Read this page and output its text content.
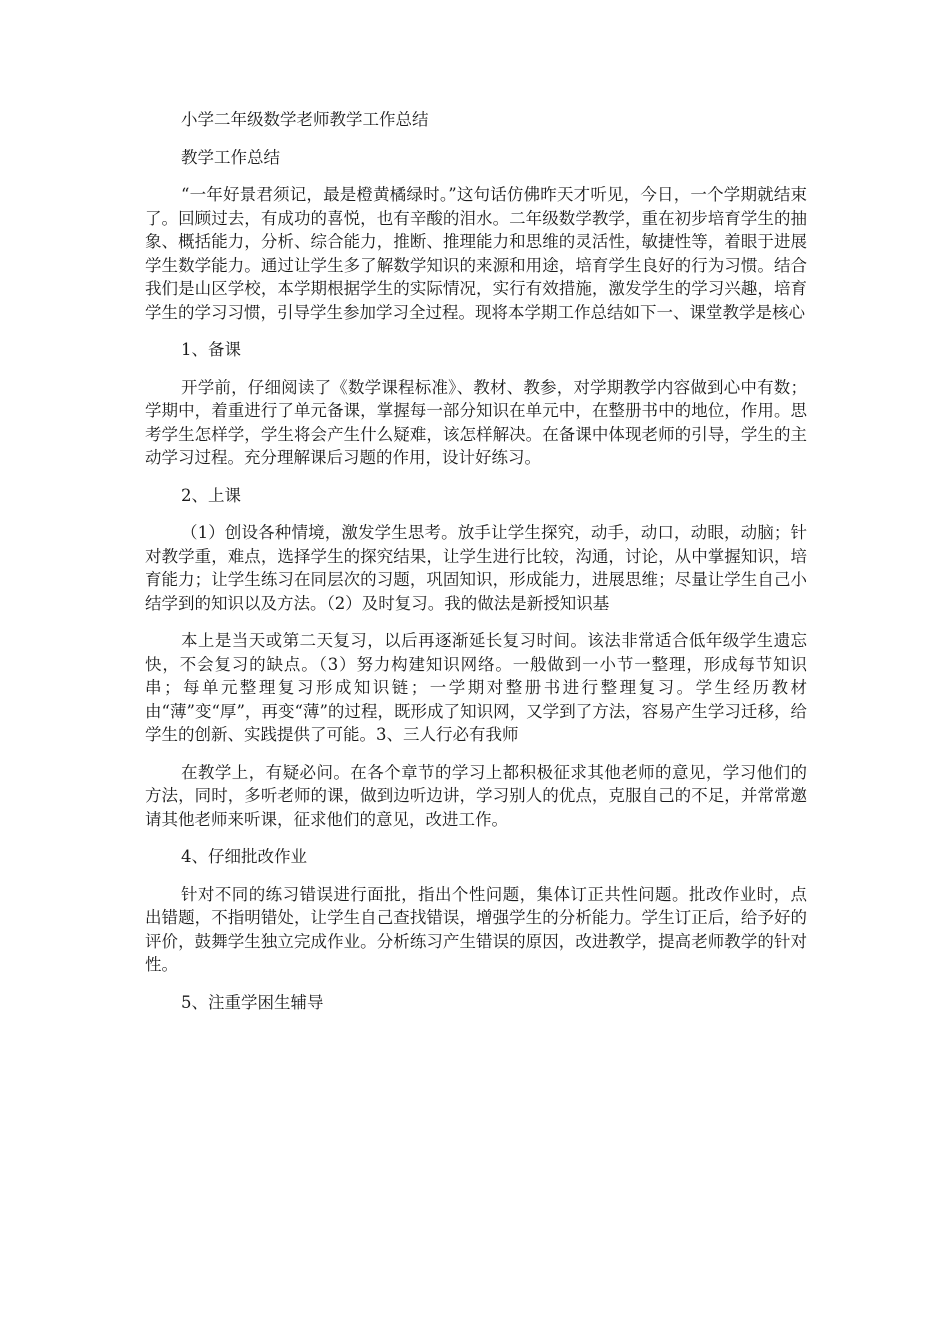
小学二年级数学老师教学工作总结

教学工作总结

“一年好景君须记，最是橙黄橘绿时。”这句话仿佛昨天才听见，今日，一个学期就结束了。回顾过去，有成功的喜悦，也有辛酸的泪水。二年级数学教学，重在初步培育学生的抽象、概括能力，分析、综合能力，推断、推理能力和思维的灵活性，敏捷性等，着眼于进展学生数学能力。通过让学生多了解数学知识的来源和用途，培育学生良好的行为习惯。结合我们是山区学校，本学期根据学生的实际情况，实行有效措施，激发学生的学习兴趣，培育学生的学习习惯，引导学生参加学习全过程。现将本学期工作总结如下一、课堂教学是核心

1、备课

开学前，仔细阅读了《数学课程标准》、教材、教参，对学期教学内容做到心中有数；学期中，着重进行了单元备课，掌握每一部分知识在单元中，在整册书中的地位，作用。思考学生怎样学，学生将会产生什么疑难，该怎样解决。在备课中体现老师的引导，学生的主动学习过程。充分理解课后习题的作用，设计好练习。

2、上课

（1）创设各种情境，激发学生思考。放手让学生探究，动手，动口，动眼，动脑；针对教学重，难点，选择学生的探究结果，让学生进行比较，沟通，讨论，从中掌握知识，培育能力；让学生练习在同层次的习题，巩固知识，形成能力，进展思维；尽量让学生自己小结学到的知识以及方法。（2）及时复习。我的做法是新授知识基

本上是当天或第二天复习，以后再逐渐延长复习时间。该法非常适合低年级学生遗忘快，不会复习的缺点。（3）努力构建知识网络。一般做到一小节一整理，形成每节知识串；每单元整理复习形成知识链；一学期对整册书进行整理复习。学生经历教材由“薄”变“厚”，再变“薄”的过程，既形成了知识网，又学到了方法，容易产生学习迁移，给学生的创新、实践提供了可能。3、三人行必有我师

在教学上，有疑必问。在各个章节的学习上都积极征求其他老师的意见，学习他们的方法，同时，多听老师的课，做到边听边讲，学习别人的优点，克服自己的不足，并常常邀请其他老师来听课，征求他们的意见，改进工作。

4、仔细批改作业

针对不同的练习错误进行面批，指出个性问题，集体订正共性问题。批改作业时，点出错题，不指明错处，让学生自己查找错误，增强学生的分析能力。学生订正后，给予好的评价，鼓舞学生独立完成作业。分析练习产生错误的原因，改进教学，提高老师教学的针对性。

5、注重学困生辅导
